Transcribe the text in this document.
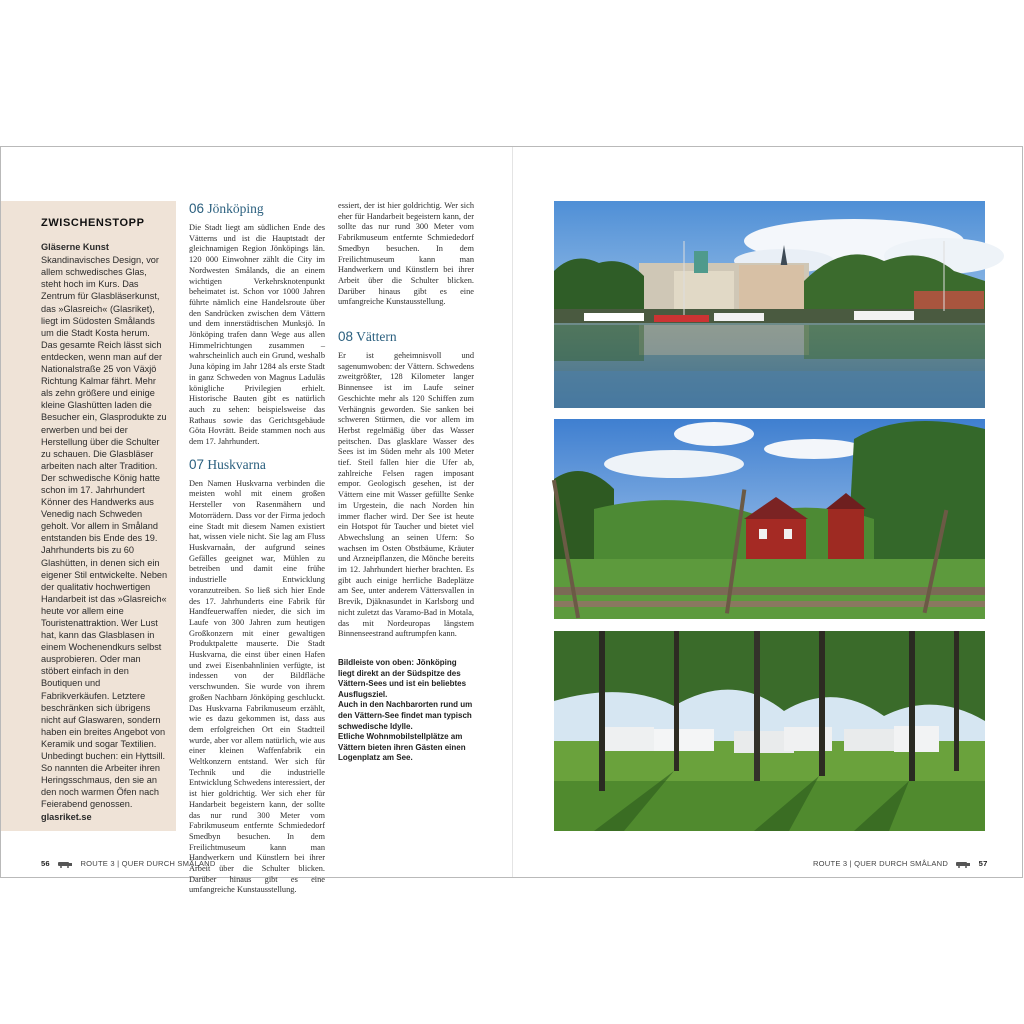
ZWISCHENSTOPP
Gläserne Kunst

Skandinavisches Design, vor allem schwedisches Glas, steht hoch im Kurs. Das Zentrum für Glasbläserkunst, das »Glasreich« (Glasriket), liegt im Südosten Smålands um die Stadt Kosta herum. Das gesamte Reich lässt sich entdecken, wenn man auf der Nationalstraße 25 von Växjö Richtung Kalmar fährt. Mehr als zehn größere und einige kleine Glashütten laden die Besucher ein, Glasprodukte zu erwerben und bei der Herstellung über die Schulter zu schauen. Die Glasbläser arbeiten nach alter Tradition. Der schwedische König hatte schon im 17. Jahrhundert Könner des Handwerks aus Venedig nach Schweden geholt. Vor allem in Småland entstanden bis Ende des 19. Jahrhunderts bis zu 60 Glashütten, in denen sich ein eigener Stil entwickelte. Neben der qualitativ hochwertigen Handarbeit ist das »Glasreich« heute vor allem eine Touristenattraktion. Wer Lust hat, kann das Glasblasen in einem Wochenendkurs selbst ausprobieren. Oder man stöbert einfach in den Boutiquen und Fabrikverkäufen. Letztere beschränken sich übrigens nicht auf Glaswaren, sondern haben ein breites Angebot von Keramik und sogar Textilien. Unbedingt buchen: ein Hyttsill. So nannten die Arbeiter ihren Heringsschmaus, den sie an den noch warmen Öfen nach Feierabend genossen.

glasriket.se

06 Jönköping

Die Stadt liegt am südlichen Ende des Vätterns und ist die Hauptstadt der gleichnamigen Region Jönköpings län. 120 000 Einwohner zählt die City im Nordwesten Smålands, die an einem wichtigen Verkehrsknotenpunkt beheimatet ist. Schon vor 1000 Jahren führte nämlich eine Handelsroute über den Sandrücken zwischen dem Vättern und dem innerstädtischen Munksjö. In Jönköping trafen dann Wege aus allen Himmelrichtungen zusammen – wahrscheinlich auch ein Grund, weshalb Juna köping im Jahr 1284 als erste Stadt in ganz Schweden von Magnus Laduläs königliche Privilegien erhielt. Historische Bauten gibt es natürlich auch zu sehen: beispielsweise das Rathaus sowie das Gerichtsgebäude Göta Hovrätt. Beide stammen noch aus dem 17. Jahrhundert.

07 Huskvarna

Den Namen Huskvarna verbinden die meisten wohl mit einem großen Hersteller von Rasenmähern und Motorrädern. Dass vor der Firma jedoch eine Stadt mit diesem Namen existiert hat, wissen viele nicht. Sie lag am Fluss Huskvarnaån, der aufgrund seines Gefälles geeignet war, Mühlen zu betreiben und damit eine frühe industrielle Entwicklung voranzutreiben. So ließ sich hier Ende des 17. Jahrhunderts eine Fabrik für Handfeuerwaffen nieder, die sich im Laufe von 300 Jahren zum heutigen Großkonzern mit einer gewaltigen Produktpalette mauserte. Die Stadt Huskvarna, die einst über einen Hafen und zwei Eisenbahnlinien verfügte, ist indessen von der Bildfläche verschwunden. Sie wurde von ihrem großen Nachbarn Jönköping geschluckt. Das Huskvarna Fabrikmuseum erzählt, wie es dazu gekommen ist, dass aus dem erfolgreichen Ort ein Stadtteil wurde, aber vor allem natürlich, wie aus einer kleinen Waffenfabrik ein Weltkonzern entstand. Wer sich für Technik und die industrielle Entwicklung Schwedens interessiert, der ist hier goldrichtig. Wer sich eher für Handarbeit begeistern kann, der sollte das nur rund 300 Meter vom Fabrikmuseum entfernte Schmiededorf Smedbyn besuchen. In dem Freilichtmuseum kann man Handwerkern und Künstlern bei ihrer Arbeit über die Schulter blicken. Darüber hinaus gibt es eine umfangreiche Kunstausstellung.

essiert, der ist hier goldrichtig. Wer sich eher für Handarbeit begeistern kann, der sollte das nur rund 300 Meter vom Fabrikmuseum entfernte Schmiededorf Smedbyn besuchen. In dem Freilichtmuseum kann man Handwerkern und Künstlern bei ihrer Arbeit über die Schulter blicken. Darüber hinaus gibt es eine umfangreiche Kunstausstellung.

08 Vättern

Er ist geheimnisvoll und sagenumwoben: der Vättern. Schwedens zweitgrößter, 128 Kilometer langer Binnensee ist im Laufe seiner Geschichte mehr als 120 Schiffen zum Verhängnis geworden. Sie sanken bei schweren Stürmen, die vor allem im Herbst regelmäßig über das Wasser peitschen. Das glasklare Wasser des Sees ist im Süden mehr als 100 Meter tief. Steil fallen hier die Ufer ab, zahlreiche Felsen ragen imposant empor. Geologisch gesehen, ist der Vättern eine mit Wasser gefüllte Senke im Urgestein, die nach Norden hin immer flacher wird. Der See ist heute ein Hotspot für Taucher und bietet viel Abwechslung an seinen Ufern: So wachsen im Osten Obstbäume, Kräuter und Arzneipflanzen, die Mönche bereits im 12. Jahrhundert hierher brachten. Es gibt auch einige herrliche Badeplätze am See, unter anderem Vättersvallen in Brevik, Djäknasundet in Karlsborg und nicht zuletzt das Varamo-Bad in Motala, das mit Nordeuropas längstem Binnenseestrand auftrumpfen kann.

Bildleiste von oben: Jönköping liegt direkt an der Südspitze des Vättern-Sees und ist ein beliebtes Ausflugsziel.

Auch in den Nachbarorten rund um den Vättern-See findet man typisch schwedische Idylle.

Etliche Wohnmobilstellplätze am Vättern bieten ihren Gästen einen Logenplatz am See.

56	ROUTE 3 | QUER DURCH SMÅLAND	ROUTE 3 | QUER DURCH SMÅLAND	57
